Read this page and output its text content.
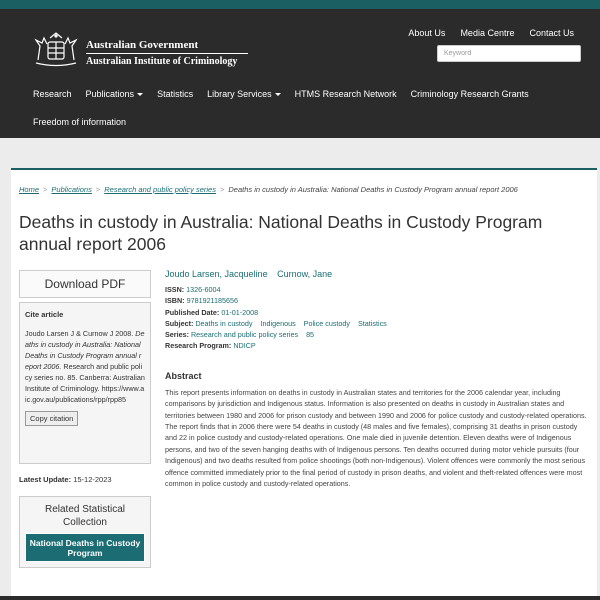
Australian Government
Australian Institute of Criminology
About Us Media Centre Contact Us
Keyword
Research	Publications	Statistics	Library Services	HTMS Research Network	Criminology Research Grants
Freedom of information
Home > Publications > Research and public policy series > Deaths in custody in Australia: National Deaths in Custody Program annual report 2006
Deaths in custody in Australia: National Deaths in Custody Program annual report 2006
Download PDF
Cite article
Joudo Larsen J & Curnow J 2008. Deaths in custody in Australia: National Deaths in Custody Program annual report 2006. Research and public policy series no. 85. Canberra: Australian Institute of Criminology. https://www.aic.gov.au/publications/rpp/rpp85
Copy citation
Latest Update: 15-12-2023
Related Statistical Collection
National Deaths in Custody Program
Joudo Larsen, Jacqueline Curnow, Jane
ISSN: 1326-6004
ISBN: 9781921185656
Published Date: 01-01-2008
Subject: Deaths in custody Indigenous Police custody Statistics
Series: Research and public policy series 85
Research Program: NDICP
Abstract

This report presents information on deaths in custody in Australian states and territories for the 2006 calendar year, including comparisons by jurisdiction and Indigenous status. Information is also presented on deaths in custody in Australian states and territories between 1980 and 2006 for prison custody and between 1990 and 2006 for police custody and custody-related operations. The report finds that in 2006 there were 54 deaths in custody (48 males and five females), comprising 31 deaths in prison custody and 22 in police custody and custody-related operations. One male died in juvenile detention. Eleven deaths were of Indigenous persons, and two of the seven hanging deaths with of Indigenous persons. Ten deaths occurred during motor vehicle pursuits (four Indigenous) and two deaths resulted from police shootings (both non-Indigenous). Violent offences were commonly the most serious offence committed immediately prior to the final period of custody in prison deaths, and violent and theft-related offences were most common in police custody and custody-related operations.
